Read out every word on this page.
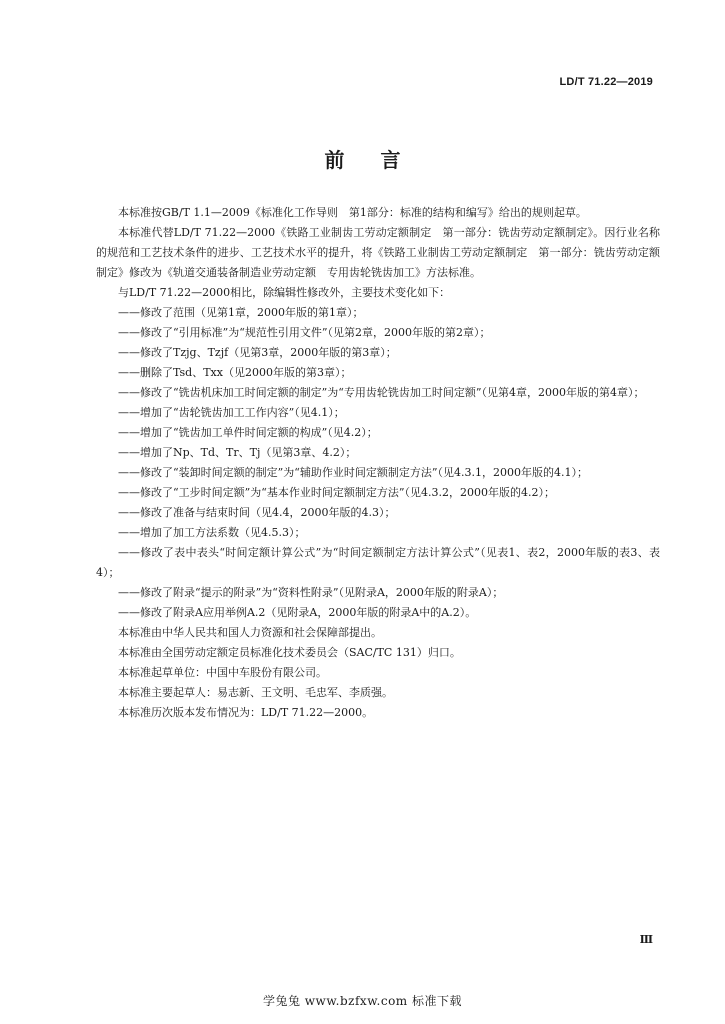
LD/T 71.22—2019
前言

本标准按GB/T 1.1—2009《标准化工作导则　第1部分：标准的结构和编写》给出的规则起草。

本标准代替LD/T 71.22—2000《铁路工业制齿工劳动定额制定　第一部分：铣齿劳动定额制定》。因行业名称的规范和工艺技术条件的进步、工艺技术水平的提升，将《铁路工业制齿工劳动定额制定　第一部分：铣齿劳动定额制定》修改为《轨道交通装备制造业劳动定额　专用齿轮铣齿加工》方法标准。

与LD/T 71.22—2000相比，除编辑性修改外，主要技术变化如下：

——修改了范围（见第1章，2000年版的第1章）；

——修改了“引用标准”为“规范性引用文件”（见第2章，2000年版的第2章）；

——修改了Tzjg、Tzjf（见第3章，2000年版的第3章）；

——删除了Tsd、Txx（见2000年版的第3章）；

——修改了“铣齿机床加工时间定额的制定”为“专用齿轮铣齿加工时间定额”（见第4章，2000年版的第4章）；

——增加了“齿轮铣齿加工工作内容”（见4.1）；

——增加了“铣齿加工单件时间定额的构成”（见4.2）；

——增加了Np、Td、Tr、Tj（见第3章、4.2）；

——修改了“装卸时间定额的制定”为“辅助作业时间定额制定方法”（见4.3.1，2000年版的4.1）；

——修改了“工步时间定额”为“基本作业时间定额制定方法”（见4.3.2，2000年版的4.2）；

——修改了准备与结束时间（见4.4，2000年版的4.3）；

——增加了加工方法系数（见4.5.3）；

——修改了表中表头“时间定额计算公式”为“时间定额制定方法计算公式”（见表1、表2，2000年版的表3、表4）；

——修改了附录“提示的附录”为“资料性附录”（见附录A，2000年版的附录A）；

——修改了附录A应用举例A.2（见附录A，2000年版的附录A中的A.2）。

本标准由中华人民共和国人力资源和社会保障部提出。

本标准由全国劳动定额定员标准化技术委员会（SAC/TC 131）归口。

本标准起草单位：中国中车股份有限公司。

本标准主要起草人：易志新、王文明、毛忠军、李质强。

本标准历次版本发布情况为：LD/T 71.22—2000。

Ⅲ
学兔兔 www.bzfxw.com 标准下载
